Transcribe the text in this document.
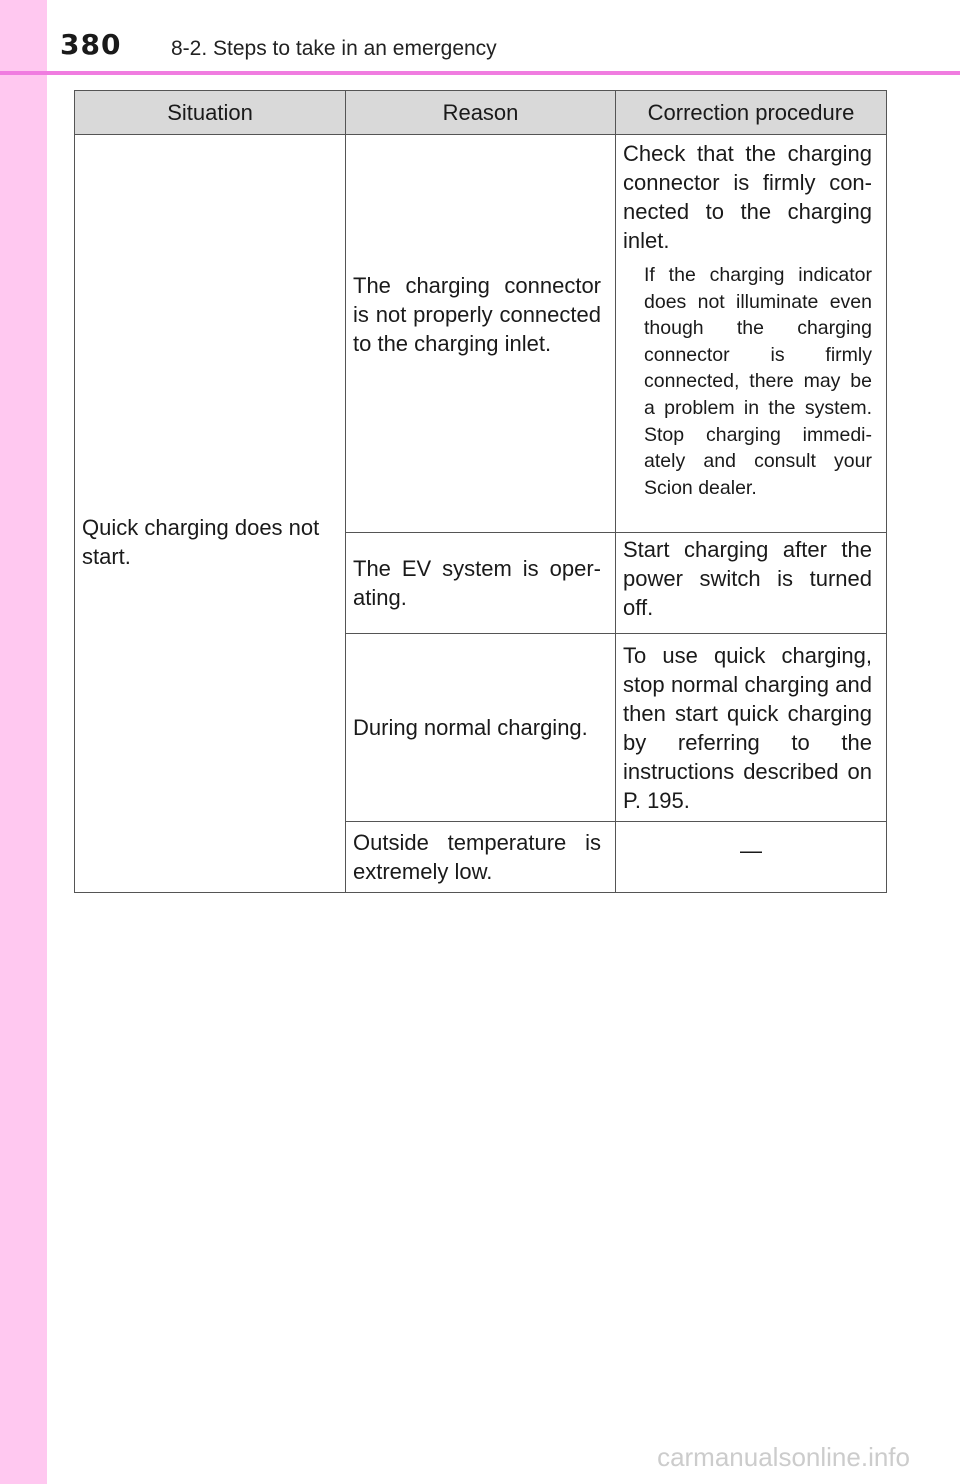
380 8-2. Steps to take in an emergency
Situation	Reason	Correction procedure

Quick charging does not start.	The charging connector is not properly connected to the charging inlet.	Check that the charging connector is firmly connected to the charging inlet.
If the charging indicator does not illuminate even though the charging connector is firmly connected, there may be a problem in the system. Stop charging immediately and consult your Scion dealer.

	The EV system is operating.	Start charging after the power switch is turned off.

	During normal charging.	To use quick charging, stop normal charging and then start quick charging by referring to the instructions described on P. 195.

	Outside temperature is extremely low.	—
carmanualsonline.info
